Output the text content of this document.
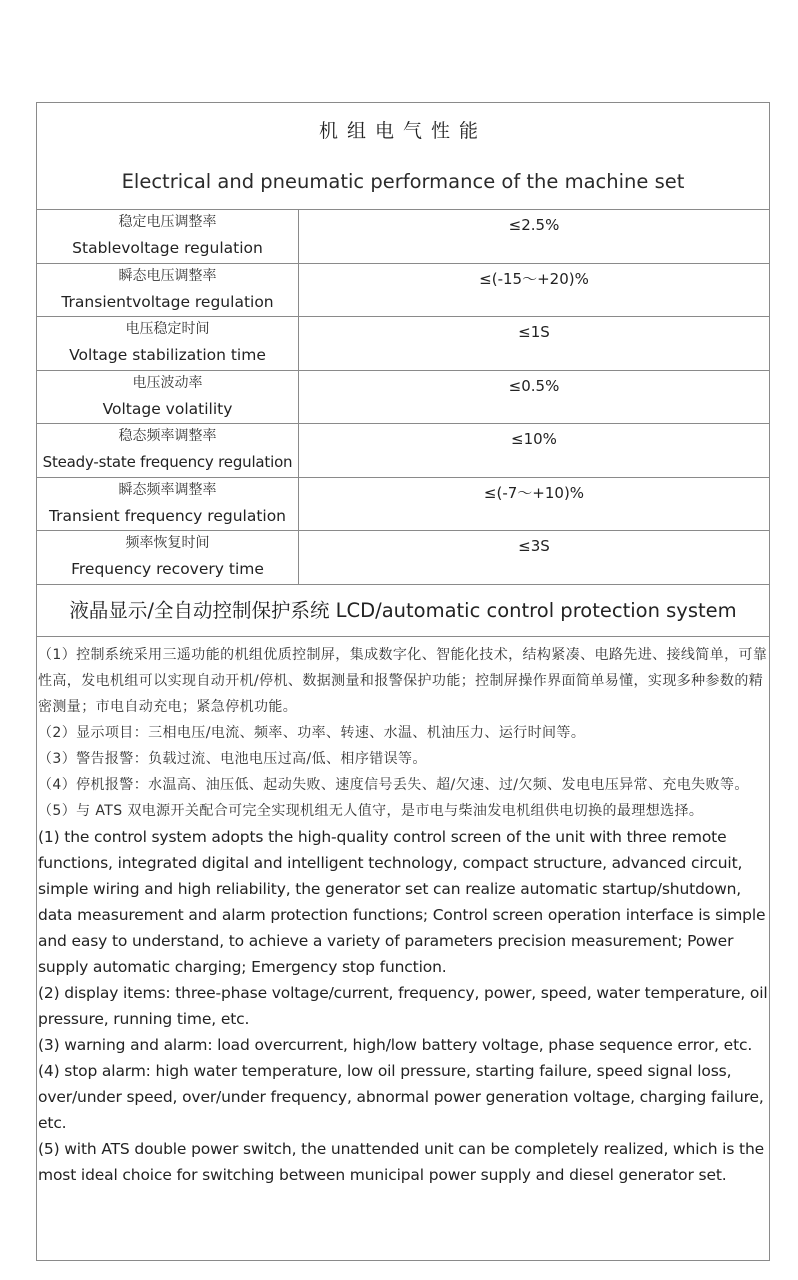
机组电气性能
Electrical and pneumatic performance of the machine set
稳定电压调整率
Stablevoltage regulation
≤2.5%
瞬态电压调整率
Transientvoltage regulation
≤(-15～+20)%
电压稳定时间
Voltage stabilization time
≤1S
电压波动率
Voltage volatility
≤0.5%
稳态频率调整率
Steady-state frequency regulation
≤10%
瞬态频率调整率
Transient frequency regulation
≤(-7～+10)%
频率恢复时间
Frequency recovery time
≤3S
液晶显示/全自动控制保护系统 LCD/automatic control protection system

（1）控制系统采用三遥功能的机组优质控制屏，集成数字化、智能化技术，结构紧凑、电路先进、接线简单，可靠性高，发电机组可以实现自动开机/停机、数据测量和报警保护功能；控制屏操作界面简单易懂，实现多种参数的精密测量；市电自动充电；紧急停机功能。

（2）显示项目：三相电压/电流、频率、功率、转速、水温、机油压力、运行时间等。

（3）警告报警：负载过流、电池电压过高/低、相序错误等。

（4）停机报警：水温高、油压低、起动失败、速度信号丢失、超/欠速、过/欠频、发电电压异常、充电失败等。

（5）与 ATS 双电源开关配合可完全实现机组无人值守，是市电与柴油发电机组供电切换的最理想选择。

(1) the control system adopts the high-quality control screen of the unit with three remote functions, integrated digital and intelligent technology, compact structure, advanced circuit, simple wiring and high reliability, the generator set can realize automatic startup/shutdown, data measurement and alarm protection functions; Control screen operation interface is simple and easy to understand, to achieve a variety of parameters precision measurement; Power supply automatic charging; Emergency stop function.

(2) display items: three-phase voltage/current, frequency, power, speed, water temperature, oil pressure, running time, etc.

(3) warning and alarm: load overcurrent, high/low battery voltage, phase sequence error, etc.

(4) stop alarm: high water temperature, low oil pressure, starting failure, speed signal loss, over/under speed, over/under frequency, abnormal power generation voltage, charging failure, etc.

(5) with ATS double power switch, the unattended unit can be completely realized, which is the most ideal choice for switching between municipal power supply and diesel generator set.
